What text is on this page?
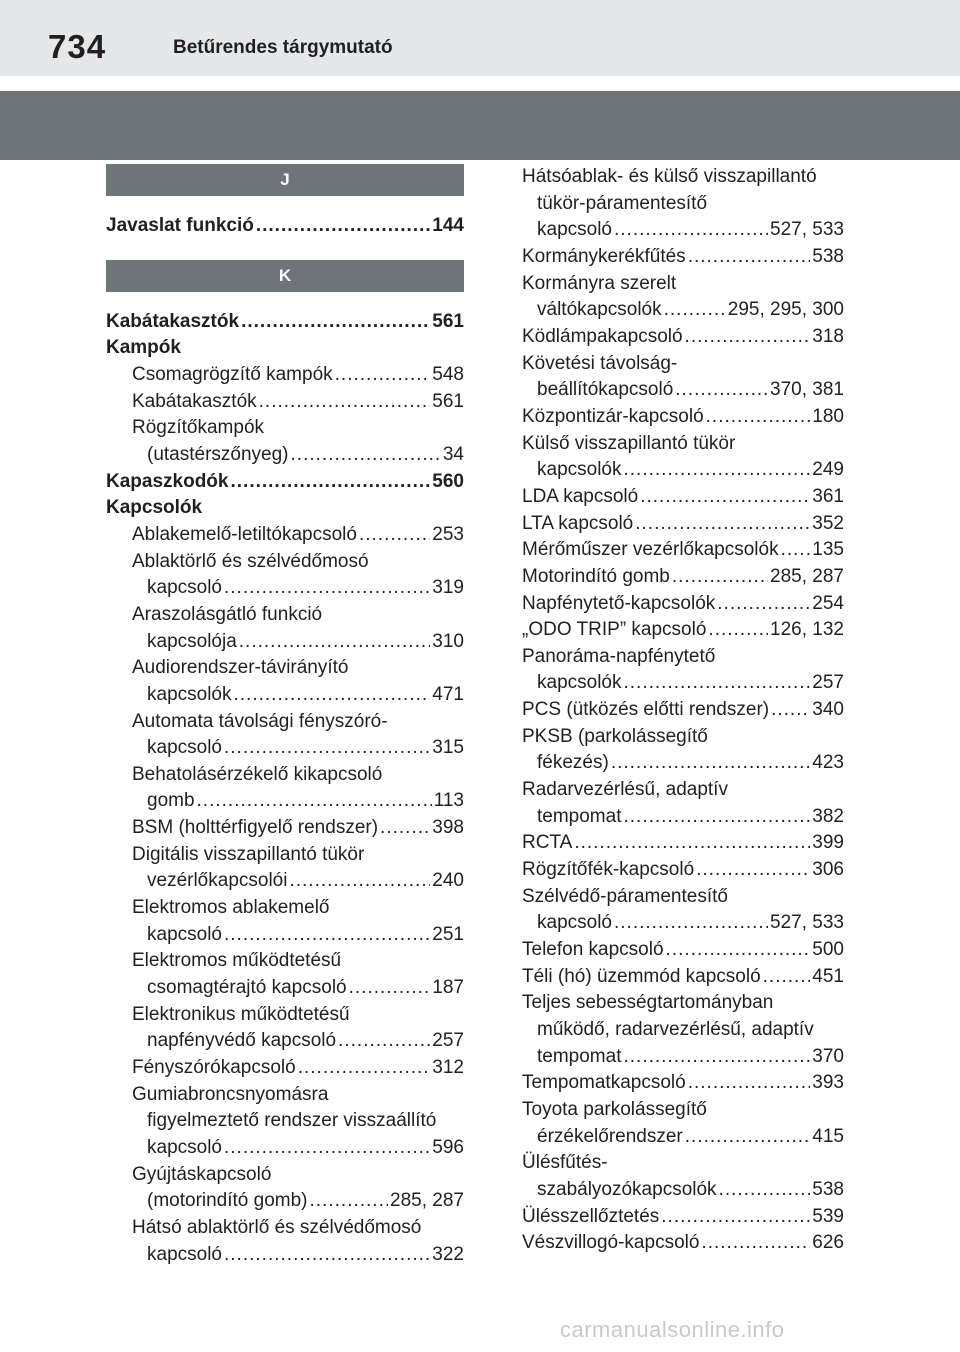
734	Betűrendes tárgymutató
J
Javaslat funkció .....	144
K
Kabátakasztók .....	561
Kampók
Csomagrögzítő kampók .....	548
Kabátakasztók .....	561
Rögzítőkampók
(utastérszőnyeg) .....	34
Kapaszkodók .....	560
Kapcsolók
Ablakemelő-letiltókapcsoló .....	253
Ablaktörlő és szélvédőmosó
kapcsoló .....	319
Araszolásgátló funkció
kapcsolója .....	310
Audiorendszer-távirányító
kapcsolók .....	471
Automata távolsági fényszóró-
kapcsoló .....	315
Behatolásérzékelő kikapcsoló
gomb .....	113
BSM (holttérfigyelő rendszer) .....	398
Digitális visszapillantó tükör
vezérlőkapcsolói .....	240
Elektromos ablakemelő
kapcsoló .....	251
Elektromos működtetésű
csomagtérajtó kapcsoló .....	187
Elektronikus működtetésű
napfényvédő kapcsoló .....	257
Fényszórókapcsoló .....	312
Gumiabroncsnyomásra
figyelmeztető rendszer visszaállító
kapcsoló .....	596
Gyújtáskapcsoló
(motorindító gomb) .....	285, 287
Hátsó ablaktörlő és szélvédőmosó
kapcsoló .....	322
Hátsóablak- és külső visszapillantó
tükör-páramentesítő
kapcsoló .....	527, 533
Kormánykerékfűtés .....	538
Kormányra szerelt
váltókapcsolók .....	295, 295, 300
Ködlámpakapcsoló .....	318
Követési távolság-
beállítókapcsoló .....	370, 381
Központizár-kapcsoló .....	180
Külső visszapillantó tükör
kapcsolók .....	249
LDA kapcsoló .....	361
LTA kapcsoló .....	352
Mérőműszer vezérlőkapcsolók ..... 135
Motorindító gomb .....	285, 287
Napfénytető-kapcsolók .....	254
„ODO TRIP” kapcsoló .....	126, 132
Panoráma-napfénytető
kapcsolók .....	257
PCS (ütközés előtti rendszer) ..... 340
PKSB (parkolássegítő
fékezés) .....	423
Radarvezérlésű, adaptív
tempomat .....	382
RCTA .....	399
Rögzítőfék-kapcsoló .....	306
Szélvédő-páramentesítő
kapcsoló .....	527, 533
Telefon kapcsoló .....	500
Téli (hó) üzemmód kapcsoló .....	451
Teljes sebességtartományban
működő, radarvezérlésű, adaptív
tempomat .....	370
Tempomatkapcsoló .....	393
Toyota parkolássegítő
érzékelőrendszer .....	415
Ülésfűtés-
szabályozókapcsolók .....	538
Ülésszellőztetés .....	539
Vészvillogó-kapcsoló .....	626
carmanualsonline.info
